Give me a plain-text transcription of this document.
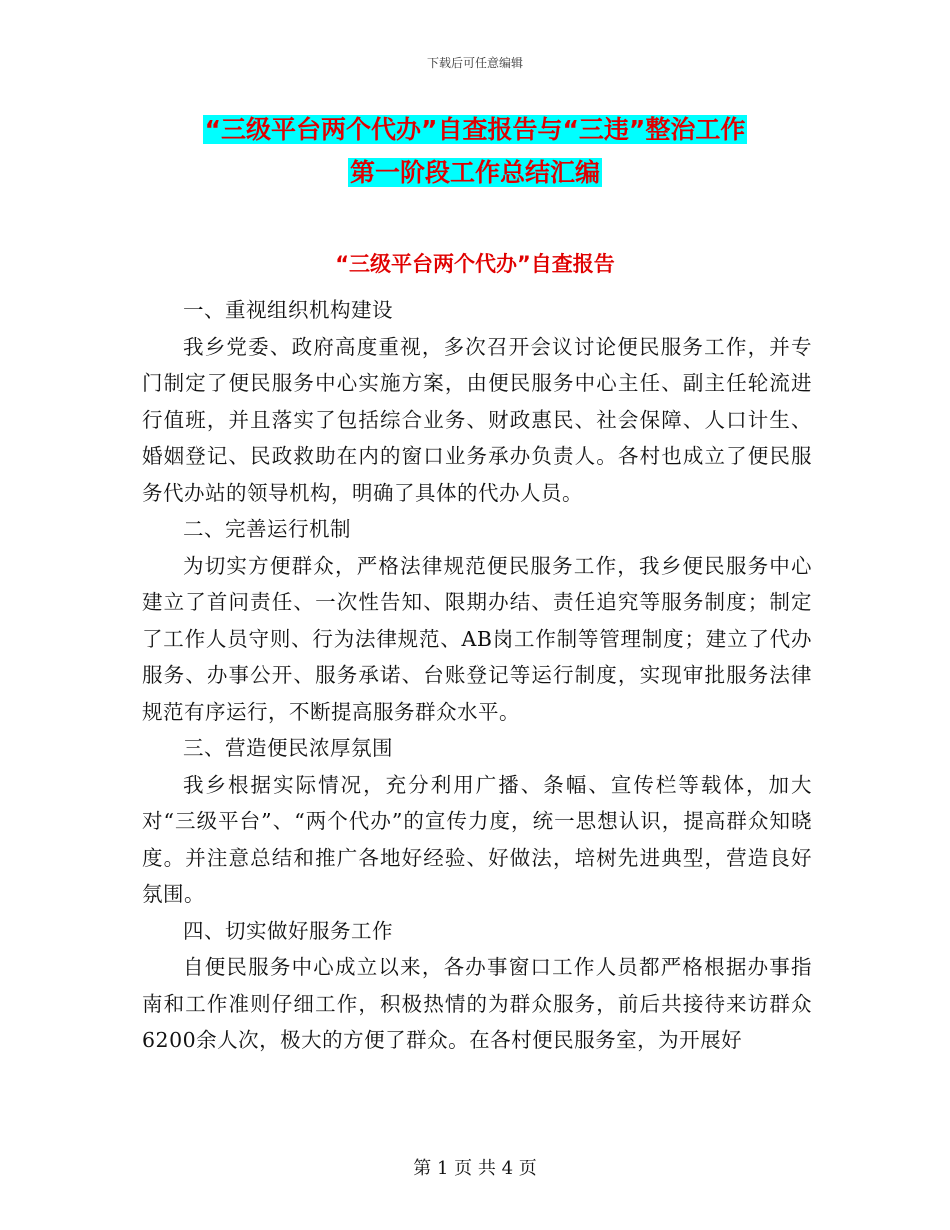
下载后可任意编辑
“三级平台两个代办”自查报告与“三违”整治工作
第一阶段工作总结汇编
“三级平台两个代办”自查报告

一、重视组织机构建设

我乡党委、政府高度重视，多次召开会议讨论便民服务工作，并专门制定了便民服务中心实施方案，由便民服务中心主任、副主任轮流进行值班，并且落实了包括综合业务、财政惠民、社会保障、人口计生、婚姻登记、民政救助在内的窗口业务承办负责人。各村也成立了便民服务代办站的领导机构，明确了具体的代办人员。

二、完善运行机制

为切实方便群众，严格法律规范便民服务工作，我乡便民服务中心建立了首问责任、一次性告知、限期办结、责任追究等服务制度；制定了工作人员守则、行为法律规范、AB岗工作制等管理制度；建立了代办服务、办事公开、服务承诺、台账登记等运行制度，实现审批服务法律规范有序运行，不断提高服务群众水平。

三、营造便民浓厚氛围

我乡根据实际情况，充分利用广播、条幅、宣传栏等载体，加大对“三级平台”、“两个代办”的宣传力度，统一思想认识，提高群众知晓度。并注意总结和推广各地好经验、好做法，培树先进典型，营造良好氛围。

四、切实做好服务工作

自便民服务中心成立以来，各办事窗口工作人员都严格根据办事指南和工作准则仔细工作，积极热情的为群众服务，前后共接待来访群众6200余人次，极大的方便了群众。在各村便民服务室，为开展好

第 1 页 共 4 页
